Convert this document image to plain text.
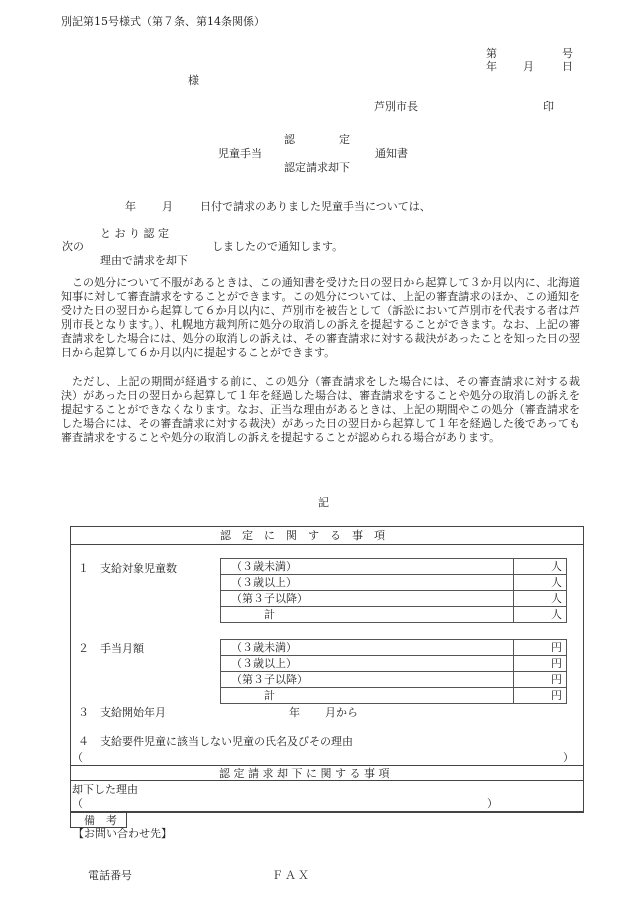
別記第15号様式（第７条、第14条関係）
第	号
年 月	日
様
芦別市長	印
認　　　　定
児童手当	通知書
認定請求却下
年 月 日付で請求のありました児童手当については、
と お り 認 定
次の	しましたので通知します。
理由で請求を却下
この処分について不服があるときは、この通知書を受けた日の翌日から起算して３か月以内に、北海道知事に対して審査請求をすることができます。この処分については、上記の審査請求のほか、この通知を受けた日の翌日から起算して６か月以内に、芦別市を被告として（訴訟において芦別市を代表する者は芦別市長となります。）、札幌地方裁判所に処分の取消しの訴えを提起することができます。なお、上記の審査請求をした場合には、処分の取消しの訴えは、その審査請求に対する裁決があったことを知った日の翌日から起算して６か月以内に提起することができます。
ただし、上記の期間が経過する前に、この処分（審査請求をした場合には、その審査請求に対する裁決）があった日の翌日から起算して１年を経過した場合は、審査請求をすることや処分の取消しの訴えを提起することができなくなります。なお、正当な理由があるときは、上記の期間やこの処分（審査請求をした場合には、その審査請求に対する裁決）があった日の翌日から起算して１年を経過した後であっても審査請求をすることや処分の取消しの訴えを提起することが認められる場合があります。
記
認　定　に　関　す　る　事　項
１　支給対象児童数	（３歳未満）	人
（３歳以上）	人
（第３子以降）	人
　　　計	人
２　手当月額	（３歳未満）	円
（３歳以上）	円
（第３子以降）	円
　　　計	円
３　支給開始年月	年 月から
４　支給要件児童に該当しない児童の氏名及びその理由
（	）
認 定 請 求 却 下 に 関 す る 事 項
却下した理由
（	）
備　考
【お問い合わせ先】
電話番号	ＦＡＸ
